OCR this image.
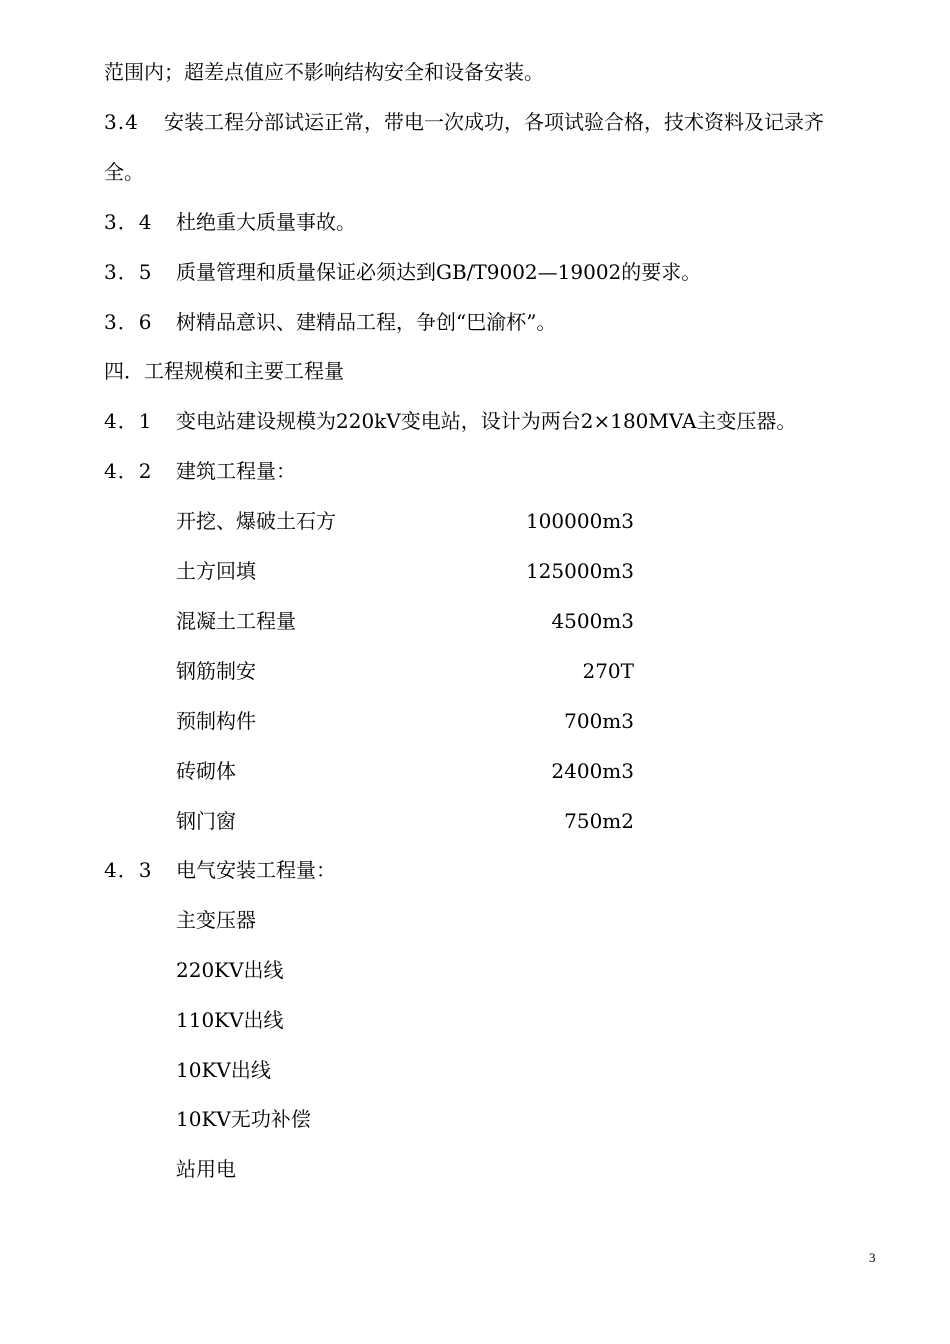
范围内；超差点值应不影响结构安全和设备安装。

3.4 安装工程分部试运正常，带电一次成功，各项试验合格，技术资料及记录齐

全。

3．4 杜绝重大质量事故。

3．5 质量管理和质量保证必须达到GB/T9002—19002的要求。

3．6 树精品意识、建精品工程，争创“巴渝杯”。

四．工程规模和主要工程量

4．1 变电站建设规模为220kV变电站，设计为两台2×180MVA主变压器。

4．2 建筑工程量：

开挖、爆破土石方	100000m3
土方回填	125000m3
混凝土工程量	4500m3
钢筋制安	270T
预制构件	700m3
砖砌体	2400m3
钢门窗	750m2

4．3 电气安装工程量：

主变压器
220KV出线
110KV出线
10KV出线
10KV无功补偿
站用电
3
